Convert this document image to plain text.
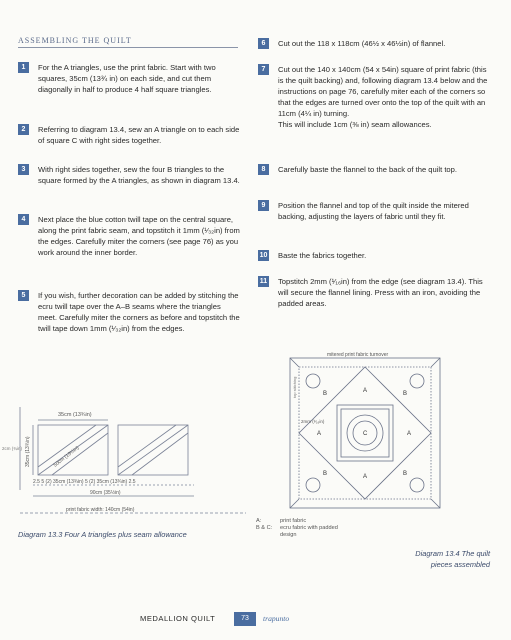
ASSEMBLING THE QUILT
1	For the A triangles, use the print fabric. Start with two squares, 35cm (13¾ in) on each side, and cut them diagonally in half to produce 4 half square triangles.
2	Referring to diagram 13.4, sew an A triangle on to each side of square C with right sides together.
3	With right sides together, sew the four B triangles to the square formed by the A triangles, as shown in diagram 13.4.
4	Next place the blue cotton twill tape on the central square, along the print fabric seam, and topstitch it 1mm (¹⁄₃₂in) from the edges. Carefully miter the corners (see page 76) as you work around the inner border.
5	If you wish, further decoration can be added by stitching the ecru twill tape over the A–B seams where the triangles meet. Carefully miter the corners as before and topstitch the twill tape down 1mm (¹⁄₃₂in) from the edges.
6	Cut out the 118 x 118cm (46½ x 46½in) of flannel.
7	Cut out the 140 x 140cm (54 x 54in) square of print fabric (this is the quilt backing) and, following diagram 13.4 below and the instructions on page 76, carefully miter each of the corners so that the edges are turned over onto the top of the quilt with an 11cm (4¼ in) turning.
This will include 1cm (⅜ in) seam allowances.
8	Carefully baste the flannel to the back of the quilt top.
9	Position the flannel and top of the quilt inside the mitered backing, adjusting the layers of fabric until they fit.
10 Baste the fabrics together.
11 Topstitch 2mm (¹⁄₁₆in) from the edge (see diagram 13.4). This will secure the flannel lining. Press with an iron, avoiding the padded areas.
35cm (13¾in)
35cm (13¾in)	50cm (19½in)
2cm (¾in)
2.5 5 (2) 35cm (13¾in) 5 (2) 35cm (13¾in) 2.5
90cm (35½in)
print fabric width: 140cm (54in)
Diagram 13.3 Four A triangles plus seam allowance
mitered print fabric turnover
top stitching
2mm (¹⁄₁₆in)
B	B
B	B
A
A	A
A
C
A:	print fabric
B & C:	ecru fabric with padded design
Diagram 13.4 The quilt
pieces assembled
MEDALLION QUILT	73	trapunto
